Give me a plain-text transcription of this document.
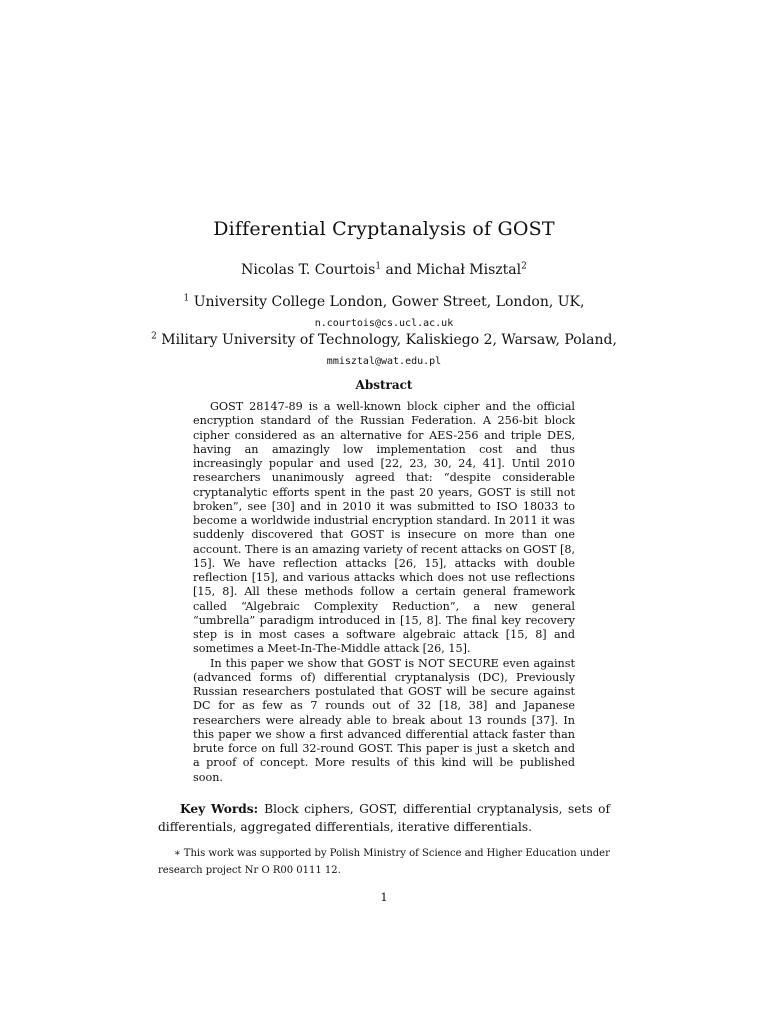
Differential Cryptanalysis of GOST
Nicolas T. Courtois$^1$ and Michał Misztal$^2$
$^1$ University College London, Gower Street, London, UK,
n.courtois@cs.ucl.ac.uk
$^2$ Military University of Technology, Kaliskiego 2, Warsaw, Poland,
mmisztal@wat.edu.pl
Abstract

GOST 28147-89 is a well-known block cipher and the official encryption standard of the Russian Federation. A 256-bit block cipher considered as an alternative for AES-256 and triple DES, having an amazingly low implementation cost and thus increasingly popular and used [22, 23, 30, 24, 41]. Until 2010 researchers unanimously agreed that: “despite considerable cryptanalytic efforts spent in the past 20 years, GOST is still not broken”, see [30] and in 2010 it was submitted to ISO 18033 to become a worldwide industrial encryption standard. In 2011 it was suddenly discovered that GOST is insecure on more than one account. There is an amazing variety of recent attacks on GOST [8, 15]. We have reflection attacks [26, 15], attacks with double reflection [15], and various attacks which does not use reflections [15, 8]. All these methods follow a certain general framework called “Algebraic Complexity Reduction”, a new general “umbrella” paradigm introduced in [15, 8]. The final key recovery step is in most cases a software algebraic attack [15, 8] and sometimes a Meet-In-The-Middle attack [26, 15].

In this paper we show that GOST is NOT SECURE even against (advanced forms of) differential cryptanalysis (DC), Previously Russian researchers postulated that GOST will be secure against DC for as few as 7 rounds out of 32 [18, 38] and Japanese researchers were already able to break about 13 rounds [37]. In this paper we show a first advanced differential attack faster than brute force on full 32-round GOST. This paper is just a sketch and a proof of concept. More results of this kind will be published soon.

Key Words: Block ciphers, GOST, differential cryptanalysis, sets of differentials, aggregated differentials, iterative differentials.
∗ This work was supported by Polish Ministry of Science and Higher Education under research project Nr O R00 0111 12.
1
